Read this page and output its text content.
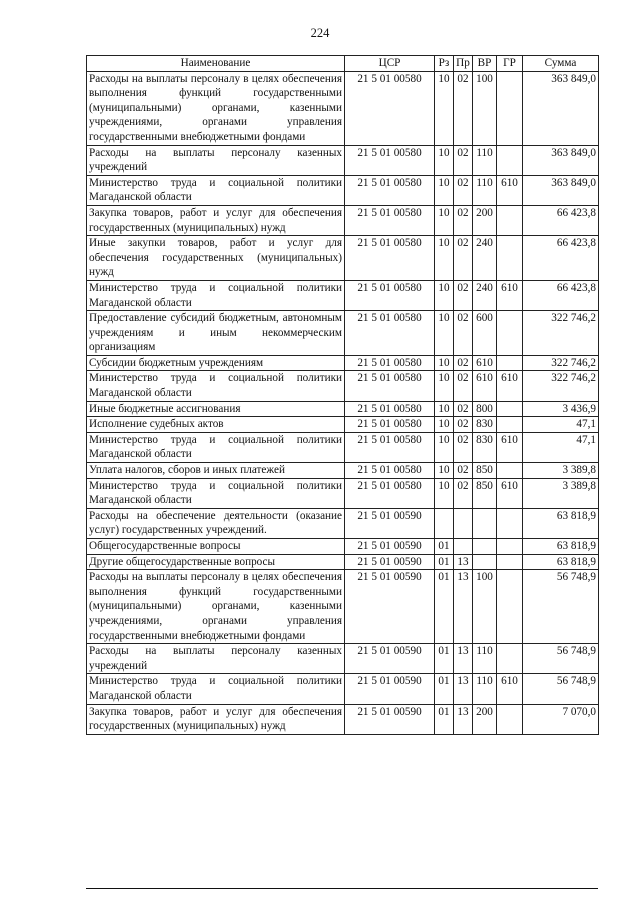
224
Наименование	ЦСР	Рз	Пр	ВР	ГР	Сумма
Расходы на выплаты персоналу в целях обеспечения выполнения функций государственными (муниципальными) органами, казенными учреждениями, органами управления государственными внебюджетными фондами	21 5 01 00580	10	02	100		363 849,0
Расходы на выплаты персоналу казенных учреждений	21 5 01 00580	10	02	110		363 849,0
Министерство труда и социальной политики Магаданской области	21 5 01 00580	10	02	110	610	363 849,0
Закупка товаров, работ и услуг для обеспечения государственных (муниципальных) нужд	21 5 01 00580	10	02	200		66 423,8
Иные закупки товаров, работ и услуг для обеспечения государственных (муниципальных) нужд	21 5 01 00580	10	02	240		66 423,8
Министерство труда и социальной политики Магаданской области	21 5 01 00580	10	02	240	610	66 423,8
Предоставление субсидий бюджетным, автономным учреждениям и иным некоммерческим организациям	21 5 01 00580	10	02	600		322 746,2
Субсидии бюджетным учреждениям	21 5 01 00580	10	02	610		322 746,2
Министерство труда и социальной политики Магаданской области	21 5 01 00580	10	02	610	610	322 746,2
Иные бюджетные ассигнования	21 5 01 00580	10	02	800		3 436,9
Исполнение судебных актов	21 5 01 00580	10	02	830		47,1
Министерство труда и социальной политики Магаданской области	21 5 01 00580	10	02	830	610	47,1
Уплата налогов, сборов и иных платежей	21 5 01 00580	10	02	850		3 389,8
Министерство труда и социальной политики Магаданской области	21 5 01 00580	10	02	850	610	3 389,8
Расходы на обеспечение деятельности (оказание услуг) государственных учреждений.	21 5 01 00590					63 818,9
Общегосударственные вопросы	21 5 01 00590	01				63 818,9
Другие общегосударственные вопросы	21 5 01 00590	01	13			63 818,9
Расходы на выплаты персоналу в целях обеспечения выполнения функций государственными (муниципальными) органами, казенными учреждениями, органами управления государственными внебюджетными фондами	21 5 01 00590	01	13	100		56 748,9
Расходы на выплаты персоналу казенных учреждений	21 5 01 00590	01	13	110		56 748,9
Министерство труда и социальной политики Магаданской области	21 5 01 00590	01	13	110	610	56 748,9
Закупка товаров, работ и услуг для обеспечения государственных (муниципальных) нужд	21 5 01 00590	01	13	200		7 070,0
